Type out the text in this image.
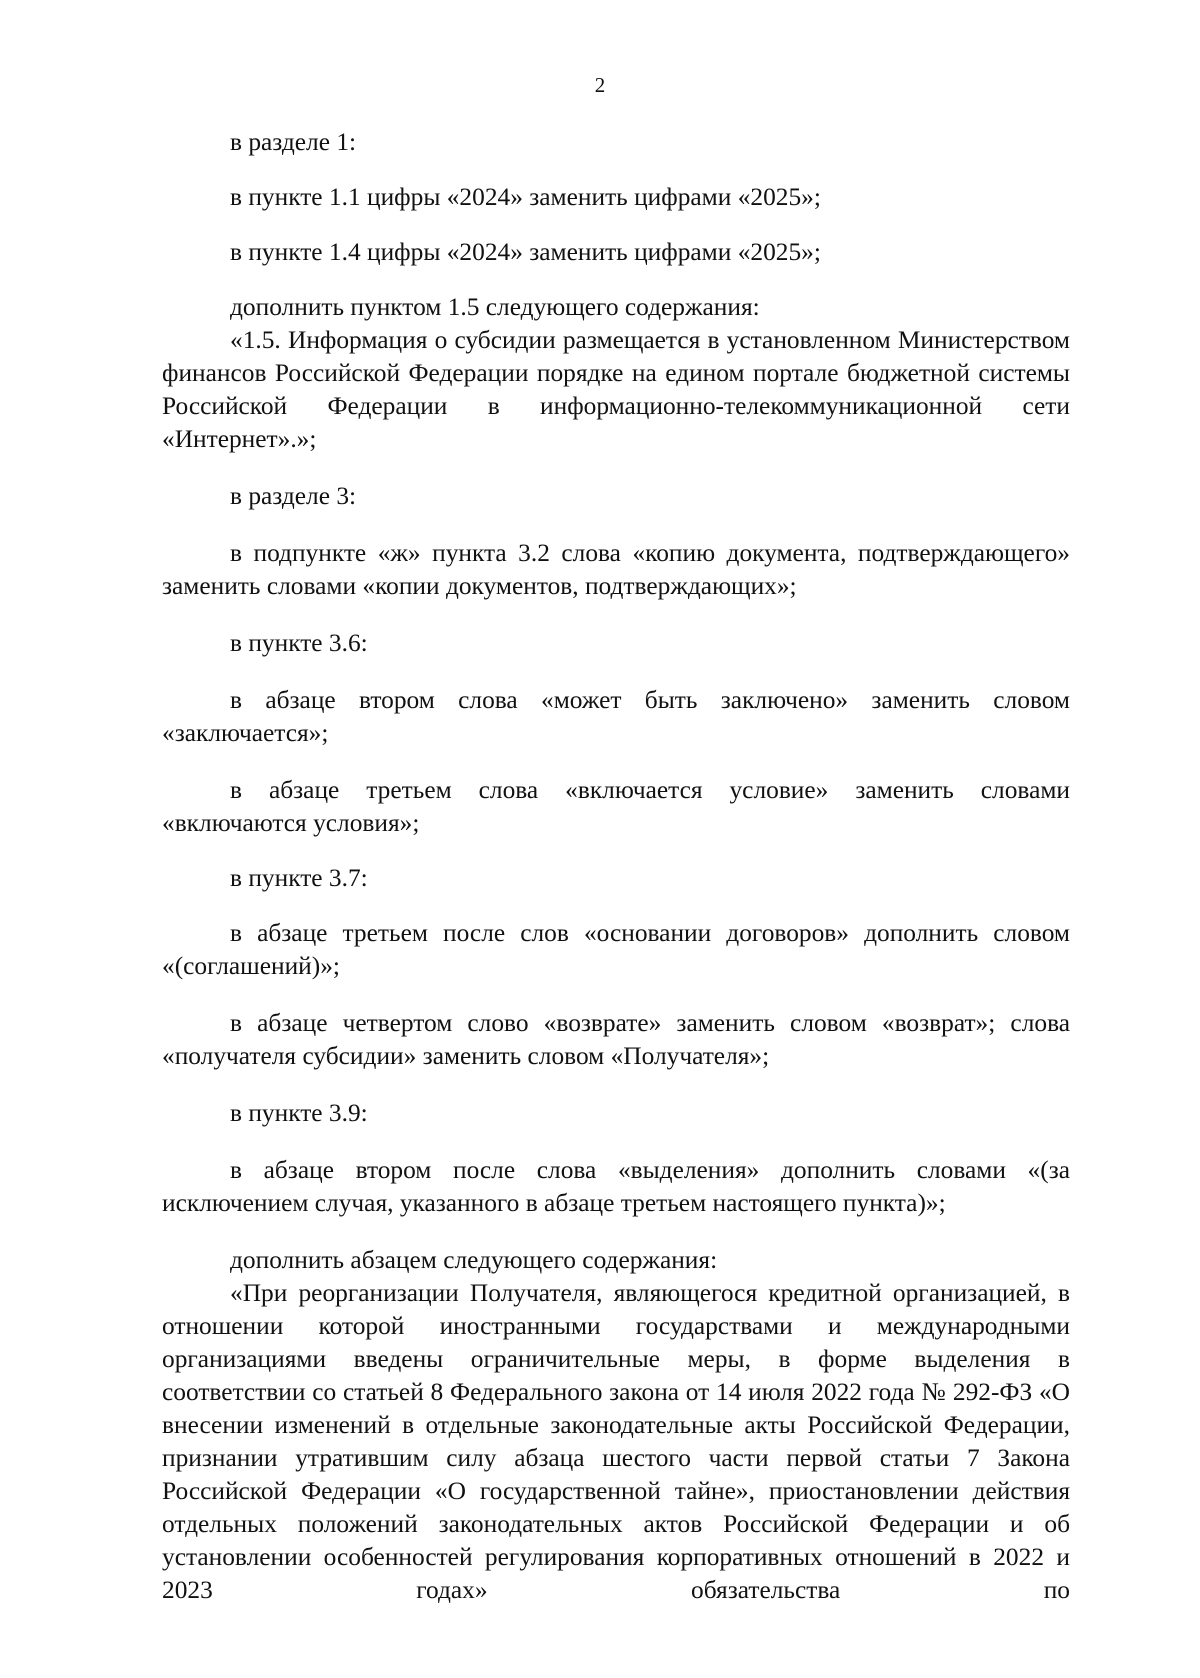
2

в разделе 1:

в пункте 1.1 цифры «2024» заменить цифрами «2025»;

в пункте 1.4 цифры «2024» заменить цифрами «2025»;

дополнить пунктом 1.5 следующего содержания:

«1.5. Информация о субсидии размещается в установленном Министерством финансов Российской Федерации порядке на едином портале бюджетной системы Российской Федерации в информационно-телекоммуникационной сети «Интернет».»;

в разделе 3:

в подпункте «ж» пункта 3.2 слова «копию документа, подтверждающего» заменить словами «копии документов, подтверждающих»;

в пункте 3.6:

в абзаце втором слова «может быть заключено» заменить словом «заключается»;

в абзаце третьем слова «включается условие» заменить словами «включаются условия»;

в пункте 3.7:

в абзаце третьем после слов «основании договоров» дополнить словом «(соглашений)»;

в абзаце четвертом слово «возврате» заменить словом «возврат»; слова «получателя субсидии» заменить словом «Получателя»;

в пункте 3.9:

в абзаце втором после слова «выделения» дополнить словами «(за исключением случая, указанного в абзаце третьем настоящего пункта)»;

дополнить абзацем следующего содержания:

«При реорганизации Получателя, являющегося кредитной организацией, в отношении которой иностранными государствами и международными организациями введены ограничительные меры, в форме выделения в соответствии со статьей 8 Федерального закона от 14 июля 2022 года № 292-ФЗ «О внесении изменений в отдельные законодательные акты Российской Федерации, признании утратившим силу абзаца шестого части первой статьи 7 Закона Российской Федерации «О государственной тайне», приостановлении действия отдельных положений законодательных актов Российской Федерации и об установлении особенностей регулирования корпоративных отношений в 2022 и 2023 годах» обязательства по
